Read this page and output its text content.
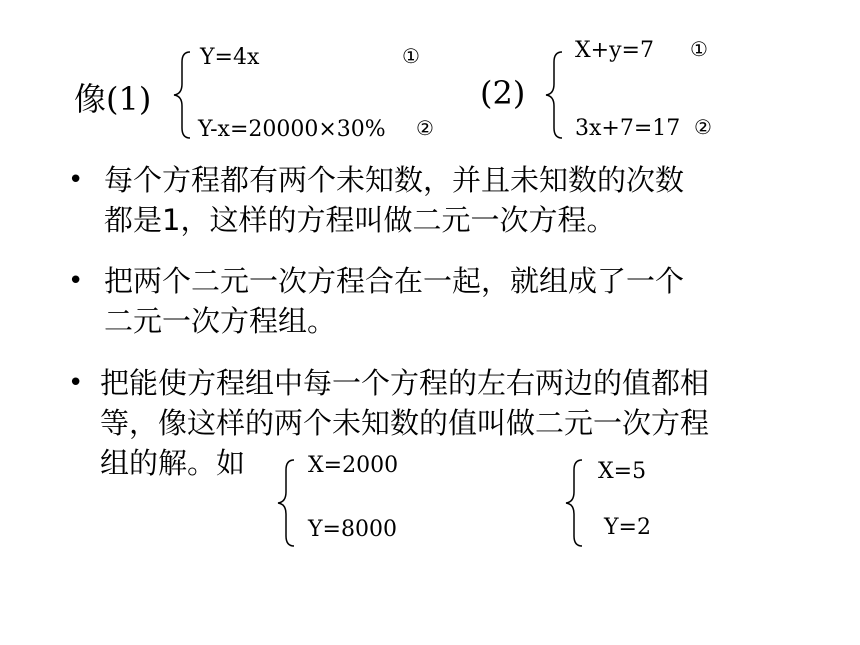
像(1)
Y=4x	①
Y-x=20000×30% ②
(2)
X+y=7 ①
3x+7=17 ②
• 每个方程都有两个未知数，并且未知数的次数
都是1，这样的方程叫做二元一次方程。
• 把两个二元一次方程合在一起，就组成了一个
二元一次方程组。
• 把能使方程组中每一个方程的左右两边的值都相
等，像这样的两个未知数的值叫做二元一次方程
组的解。如	X=2000
Y=8000
X=5
Y=2
